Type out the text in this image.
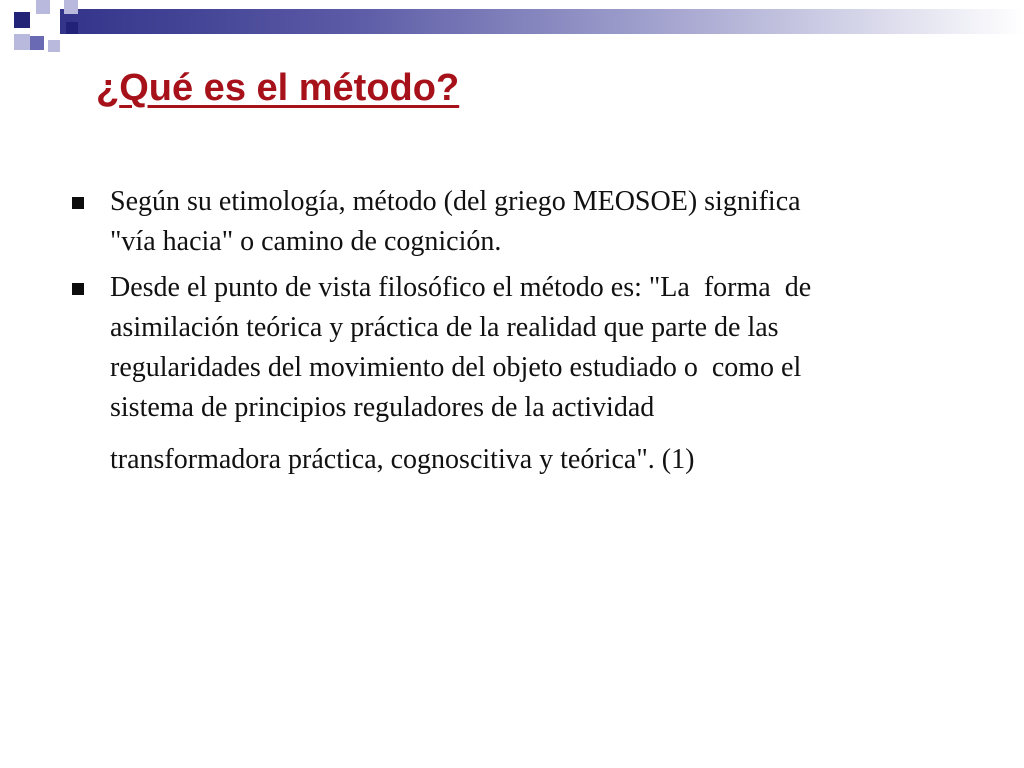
¿Qué es el método?
Según su etimología, método (del griego MEOSOE) significa
"vía hacia" o camino de cognición.
Desde el punto de vista filosófico el método es: "La  forma  de
asimilación teórica y práctica de la realidad que parte de las
regularidades del movimiento del objeto estudiado o  como el
sistema de principios reguladores de la actividad
transformadora práctica, cognoscitiva y teórica". (1)
